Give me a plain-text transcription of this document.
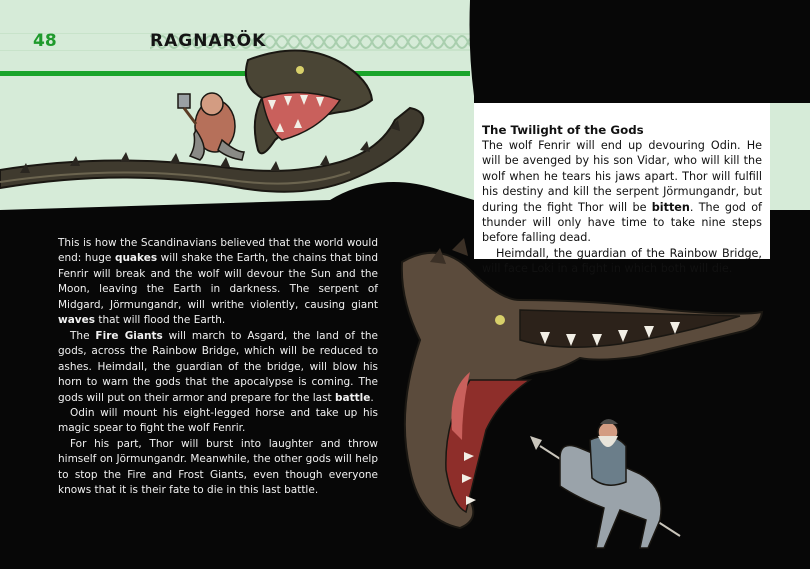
48	RAGNARÖK
The Twilight of the Gods

The wolf Fenrir will end up devouring Odin. He will be avenged by his son Vidar, who will kill the wolf when he tears his jaws apart. Thor will fulfill his destiny and kill the serpent Jörmungandr, but during the fight Thor will be bitten. The god of thunder will only have time to take nine steps before falling dead.

Heimdall, the guardian of the Rainbow Bridge, will face Loki in a fight in which both will die.

This is how the Scandinavians believed that the world would end: huge quakes will shake the Earth, the chains that bind Fenrir will break and the wolf will devour the Sun and the Moon, leaving the Earth in darkness. The serpent of Midgard, Jörmungandr, will writhe violently, causing giant waves that will flood the Earth.

The Fire Giants will march to Asgard, the land of the gods, across the Rainbow Bridge, which will be reduced to ashes. Heimdall, the guardian of the bridge, will blow his horn to warn the gods that the apocalypse is coming. The gods will put on their armor and prepare for the last battle.

Odin will mount his eight-legged horse and take up his magic spear to fight the wolf Fenrir.

For his part, Thor will burst into laughter and throw himself on Jörmungandr. Meanwhile, the other gods will help to stop the Fire and Frost Giants, even though everyone knows that it is their fate to die in this last battle.
